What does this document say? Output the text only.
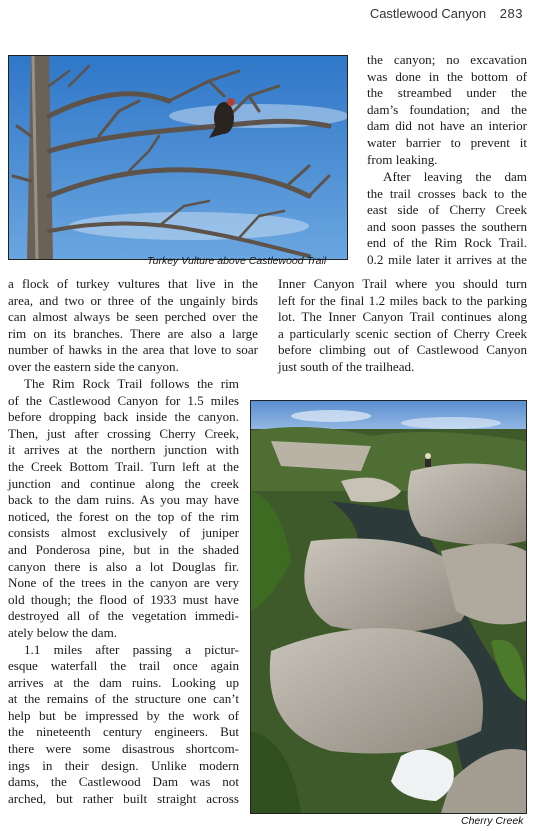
Castlewood Canyon 283
Turkey Vulture above Castlewood Trail
the canyon; no excavation
was done in the bottom of
the streambed under the
dam’s foundation; and the
dam did not have an interior
water barrier to prevent it
from leaking.
After leaving the dam
the trail crosses back to the
east side of Cherry Creek
and soon passes the southern
end of the Rim Rock Trail.
0.2 mile later it arrives at the
a flock of turkey vultures that live in the
area, and two or three of the ungainly birds
can almost always be seen perched over the
rim on its branches. There are also a large
number of hawks in the area that love to soar
over the eastern side the canyon.
Inner Canyon Trail where you should turn
left for the final 1.2 miles back to the parking
lot. The Inner Canyon Trail continues along
a particularly scenic section of Cherry Creek
before climbing out of Castlewood Canyon
just south of the trailhead.
The Rim Rock Trail follows the rim
of the Castlewood Canyon for 1.5 miles
before dropping back inside the canyon.
Then, just after crossing Cherry Creek,
it arrives at the northern junction with
the Creek Bottom Trail. Turn left at the
junction and continue along the creek
back to the dam ruins. As you may have
noticed, the forest on the top of the rim
consists almost exclusively of juniper
and Ponderosa pine, but in the shaded
canyon there is also a lot Douglas fir.
None of the trees in the canyon are very
old though; the flood of 1933 must have
destroyed all of the vegetation immedi-
ately below the dam.
1.1 miles after passing a pictur-
esque waterfall the trail once again
arrives at the dam ruins. Looking up
at the remains of the structure one can’t
help but be impressed by the work of
the nineteenth century engineers. But
there were some disastrous shortcom-
ings in their design. Unlike modern
dams, the Castlewood Dam was not
arched, but rather built straight across
Cherry Creek
